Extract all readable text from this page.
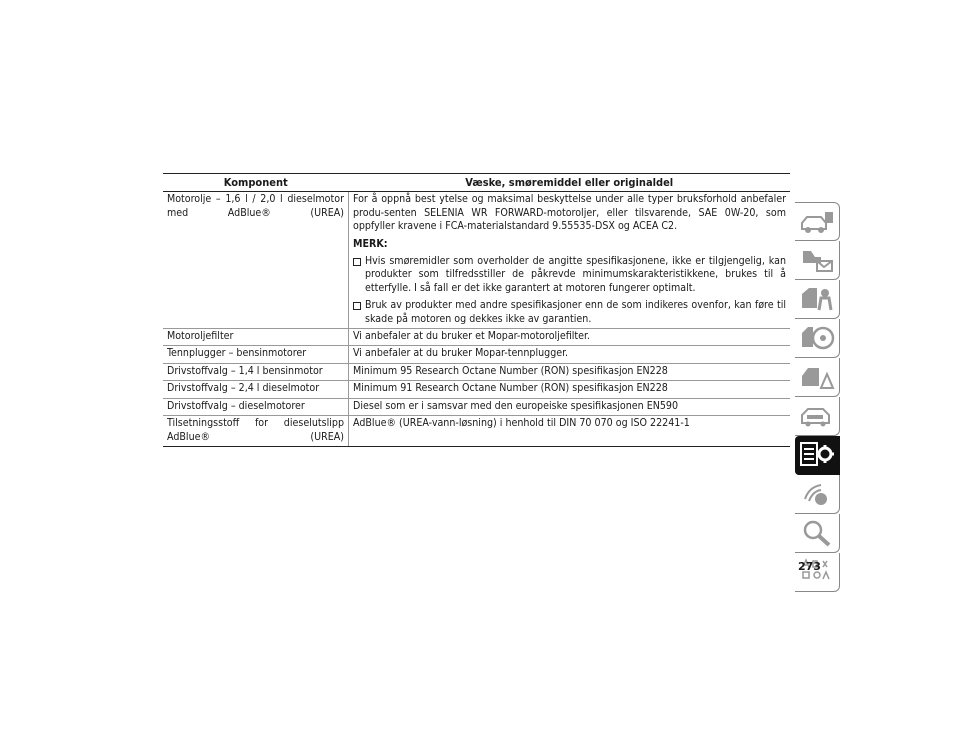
Komponent	Væske, smøremiddel eller originaldel
Motorolje – 1,6 l / 2,0 l dieselmotor med AdBlue® (UREA)	For å oppnå best ytelse og maksimal beskyttelse under alle typer bruksforhold anbefaler produ-senten SELENIA WR FORWARD-motoroljer, eller tilsvarende, SAE 0W-20, som oppfyller kravene i FCA-materialstandard 9.55535-DSX og ACEA C2.

MERK:

Hvis smøremidler som overholder de angitte spesifikasjonene, ikke er tilgjengelig, kan produkter som tilfredsstiller de påkrevde minimumskarakteristikkene, brukes til å etterfylle. I så fall er det ikke garantert at motoren fungerer optimalt.
Bruk av produkter med andre spesifikasjoner enn de som indikeres ovenfor, kan føre til skade på motoren og dekkes ikke av garantien.

Motoroljefilter	Vi anbefaler at du bruker et Mopar-motoroljefilter.
Tennplugger – bensinmotorer	Vi anbefaler at du bruker Mopar-tennplugger.
Drivstoffvalg – 1,4 l bensinmotor	Minimum 95 Research Octane Number (RON) spesifikasjon EN228
Drivstoffvalg – 2,4 l dieselmotor	Minimum 91 Research Octane Number (RON) spesifikasjon EN228
Drivstoffvalg – dieselmotorer	Diesel som er i samsvar med den europeiske spesifikasjonen EN590
Tilsetningsstoff for dieselutslipp AdBlue® (UREA)	AdBlue® (UREA-vann-løsning) i henhold til DIN 70 070 og ISO 22241-1
273
